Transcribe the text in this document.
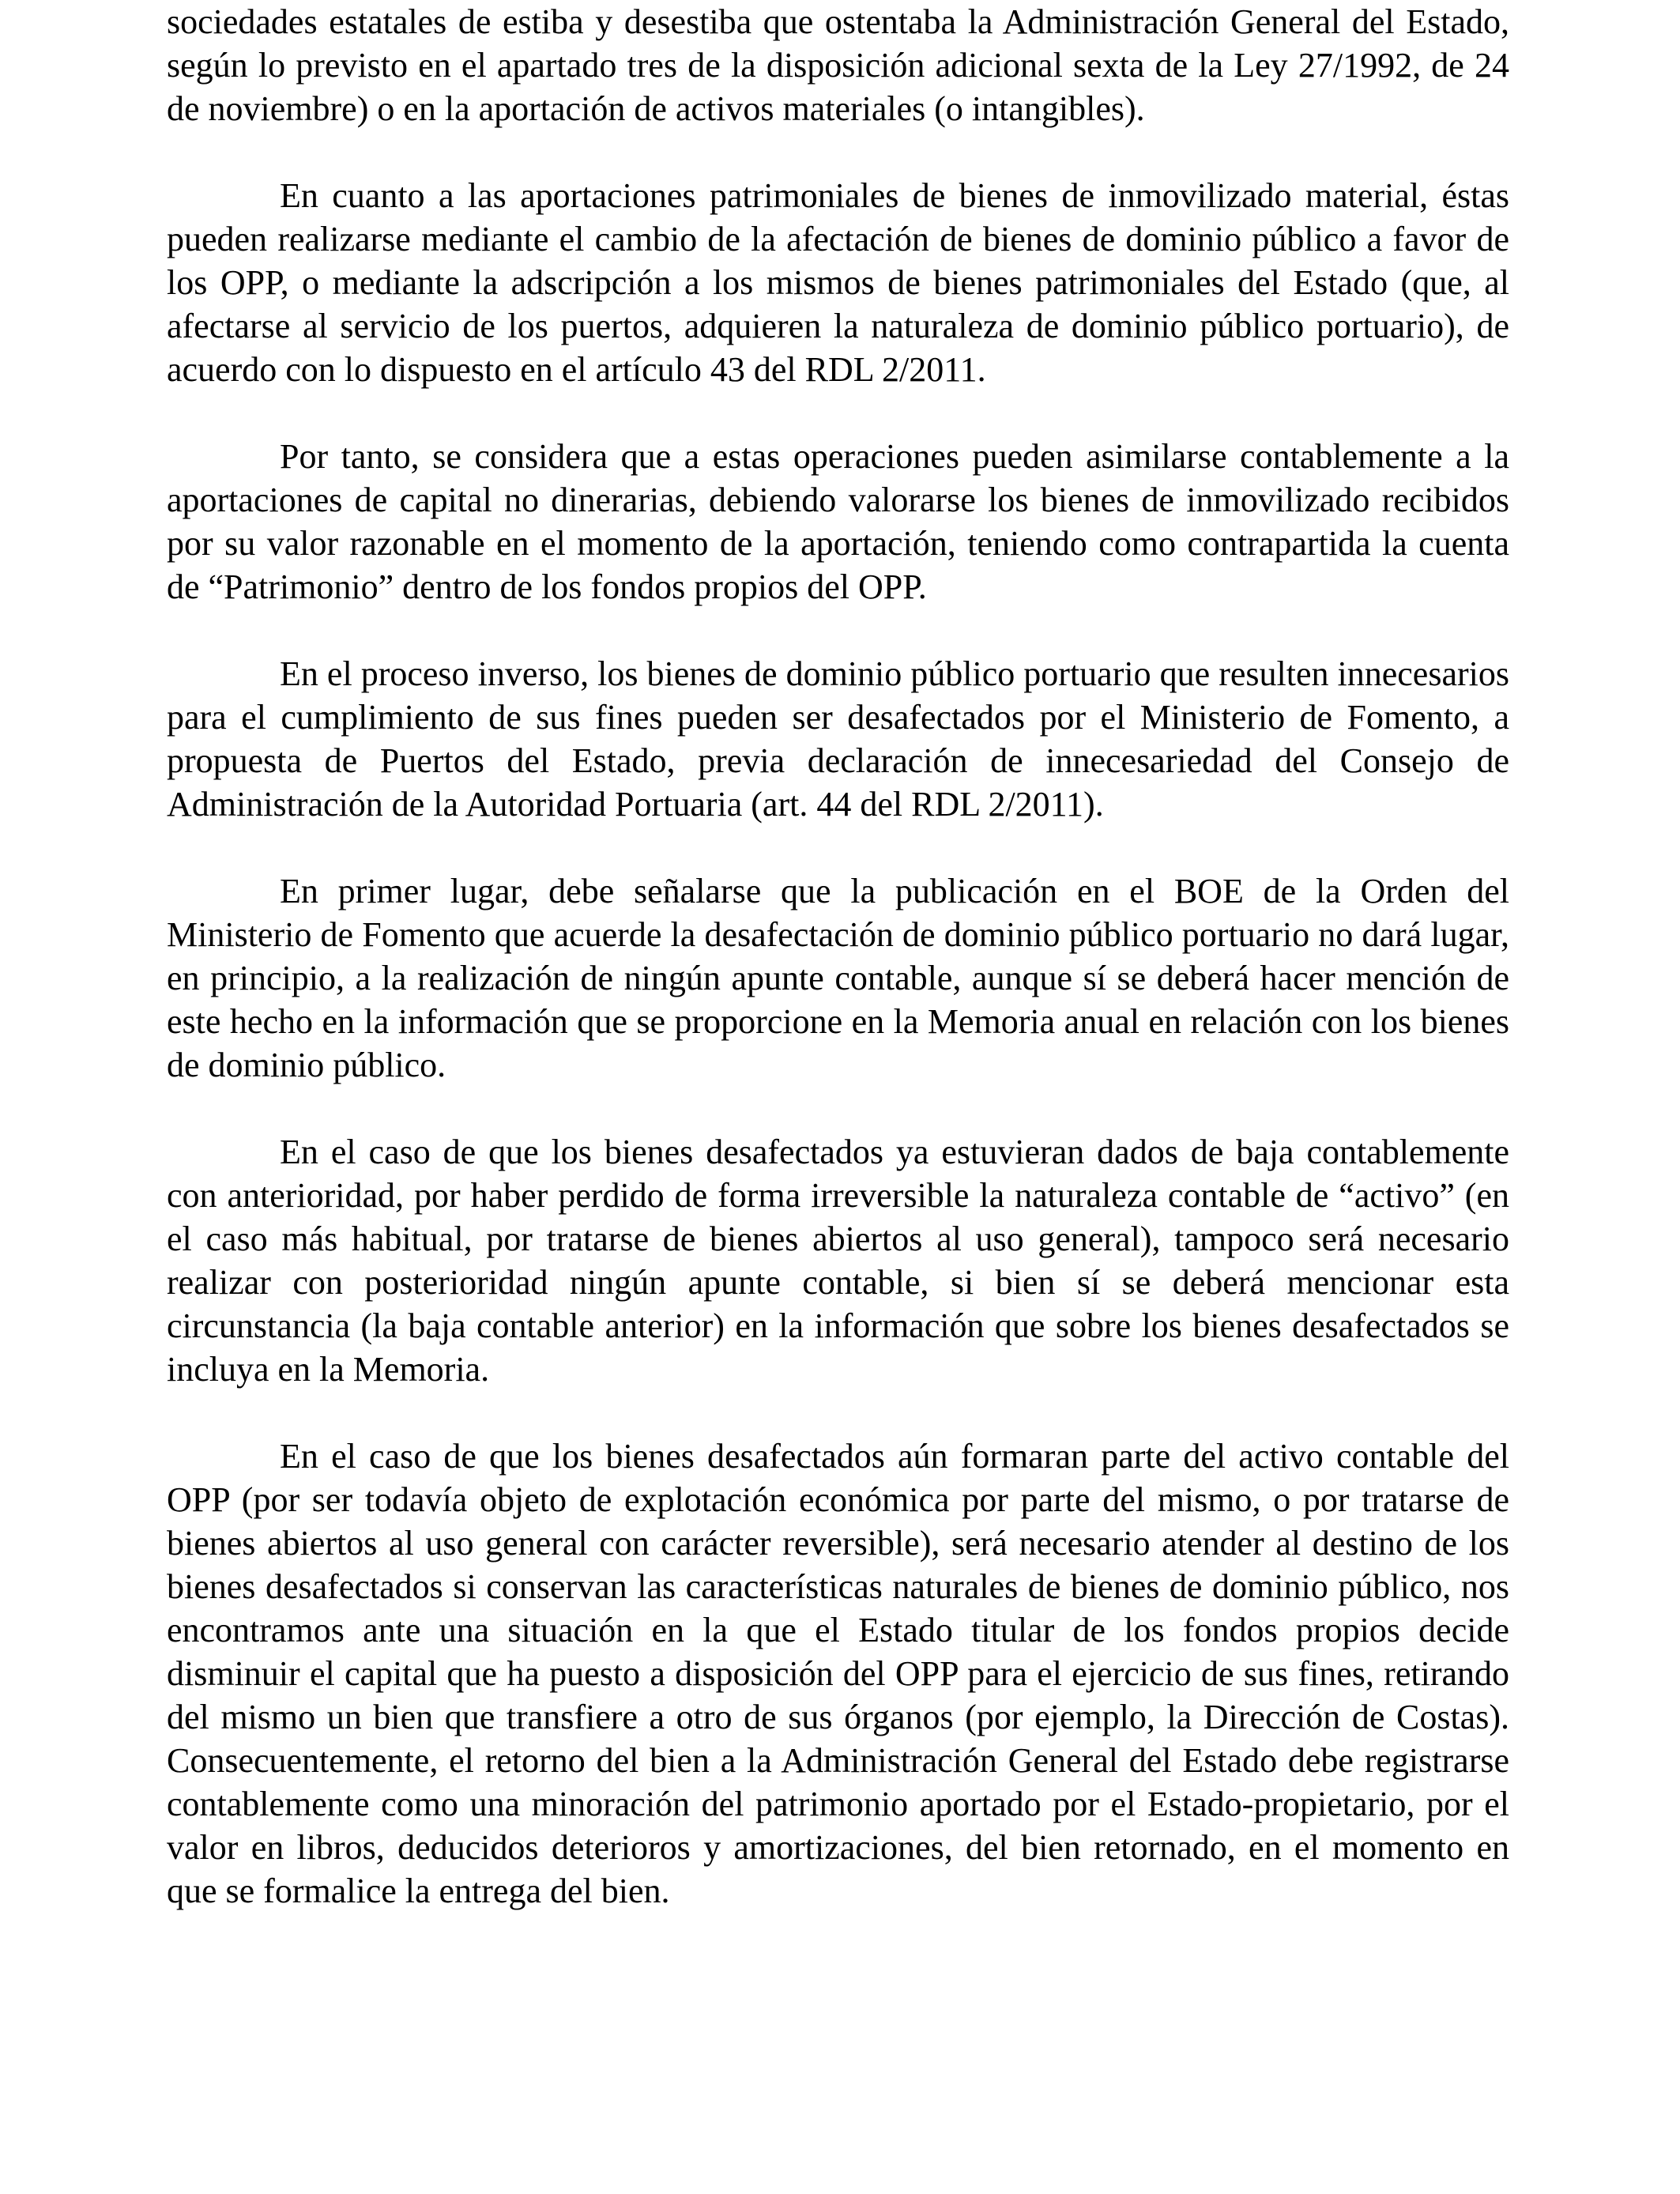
sociedades estatales de estiba y desestiba que ostentaba la Administración General del Estado, según lo previsto en el apartado tres de la disposición adicional sexta de la Ley 27/1992, de 24 de noviembre) o en la aportación de activos materiales (o intangibles).

En cuanto a las aportaciones patrimoniales de bienes de inmovilizado material, éstas pueden realizarse mediante el cambio de la afectación de bienes de dominio público a favor de los OPP, o mediante la adscripción a los mismos de bienes patrimoniales del Estado (que, al afectarse al servicio de los puertos, adquieren la naturaleza de dominio público portuario), de acuerdo con lo dispuesto en el artículo 43 del RDL 2/2011.

Por tanto, se considera que a estas operaciones pueden asimilarse contablemente a la aportaciones de capital no dinerarias, debiendo valorarse los bienes de inmovilizado recibidos por su valor razonable en el momento de la aportación, teniendo como contrapartida la cuenta de “Patrimonio” dentro de los fondos propios del OPP.

En el proceso inverso, los bienes de dominio público portuario que resulten innecesarios para el cumplimiento de sus fines pueden ser desafectados por el Ministerio de Fomento, a propuesta de Puertos del Estado, previa declaración de innecesariedad del Consejo de Administración de la Autoridad Portuaria (art. 44 del RDL 2/2011).

En primer lugar, debe señalarse que la publicación en el BOE de la Orden del Ministerio de Fomento que acuerde la desafectación de dominio público portuario no dará lugar, en principio, a la realización de ningún apunte contable, aunque sí se deberá hacer mención de este hecho en la información que se proporcione en la Memoria anual en relación con los bienes de dominio público.

En el caso de que los bienes desafectados ya estuvieran dados de baja contablemente con anterioridad, por haber perdido de forma irreversible la naturaleza contable de “activo” (en el caso más habitual, por tratarse de bienes abiertos al uso general), tampoco será necesario realizar con posterioridad ningún apunte contable, si bien sí se deberá mencionar esta circunstancia (la baja contable anterior) en la información que sobre los bienes desafectados se incluya en la Memoria.

En el caso de que los bienes desafectados aún formaran parte del activo contable del OPP (por ser todavía objeto de explotación económica por parte del mismo, o por tratarse de bienes abiertos al uso general con carácter reversible), será necesario atender al destino de los bienes desafectados si conservan las características naturales de bienes de dominio público, nos encontramos ante una situación en la que el Estado titular de los fondos propios decide disminuir el capital que ha puesto a disposición del OPP para el ejercicio de sus fines, retirando del mismo un bien que transfiere a otro de sus órganos (por ejemplo, la Dirección de Costas). Consecuentemente, el retorno del bien a la Administración General del Estado debe registrarse contablemente como una minoración del patrimonio aportado por el Estado-propietario, por el valor en libros, deducidos deterioros y amortizaciones, del bien retornado, en el momento en que se formalice la entrega del bien.
